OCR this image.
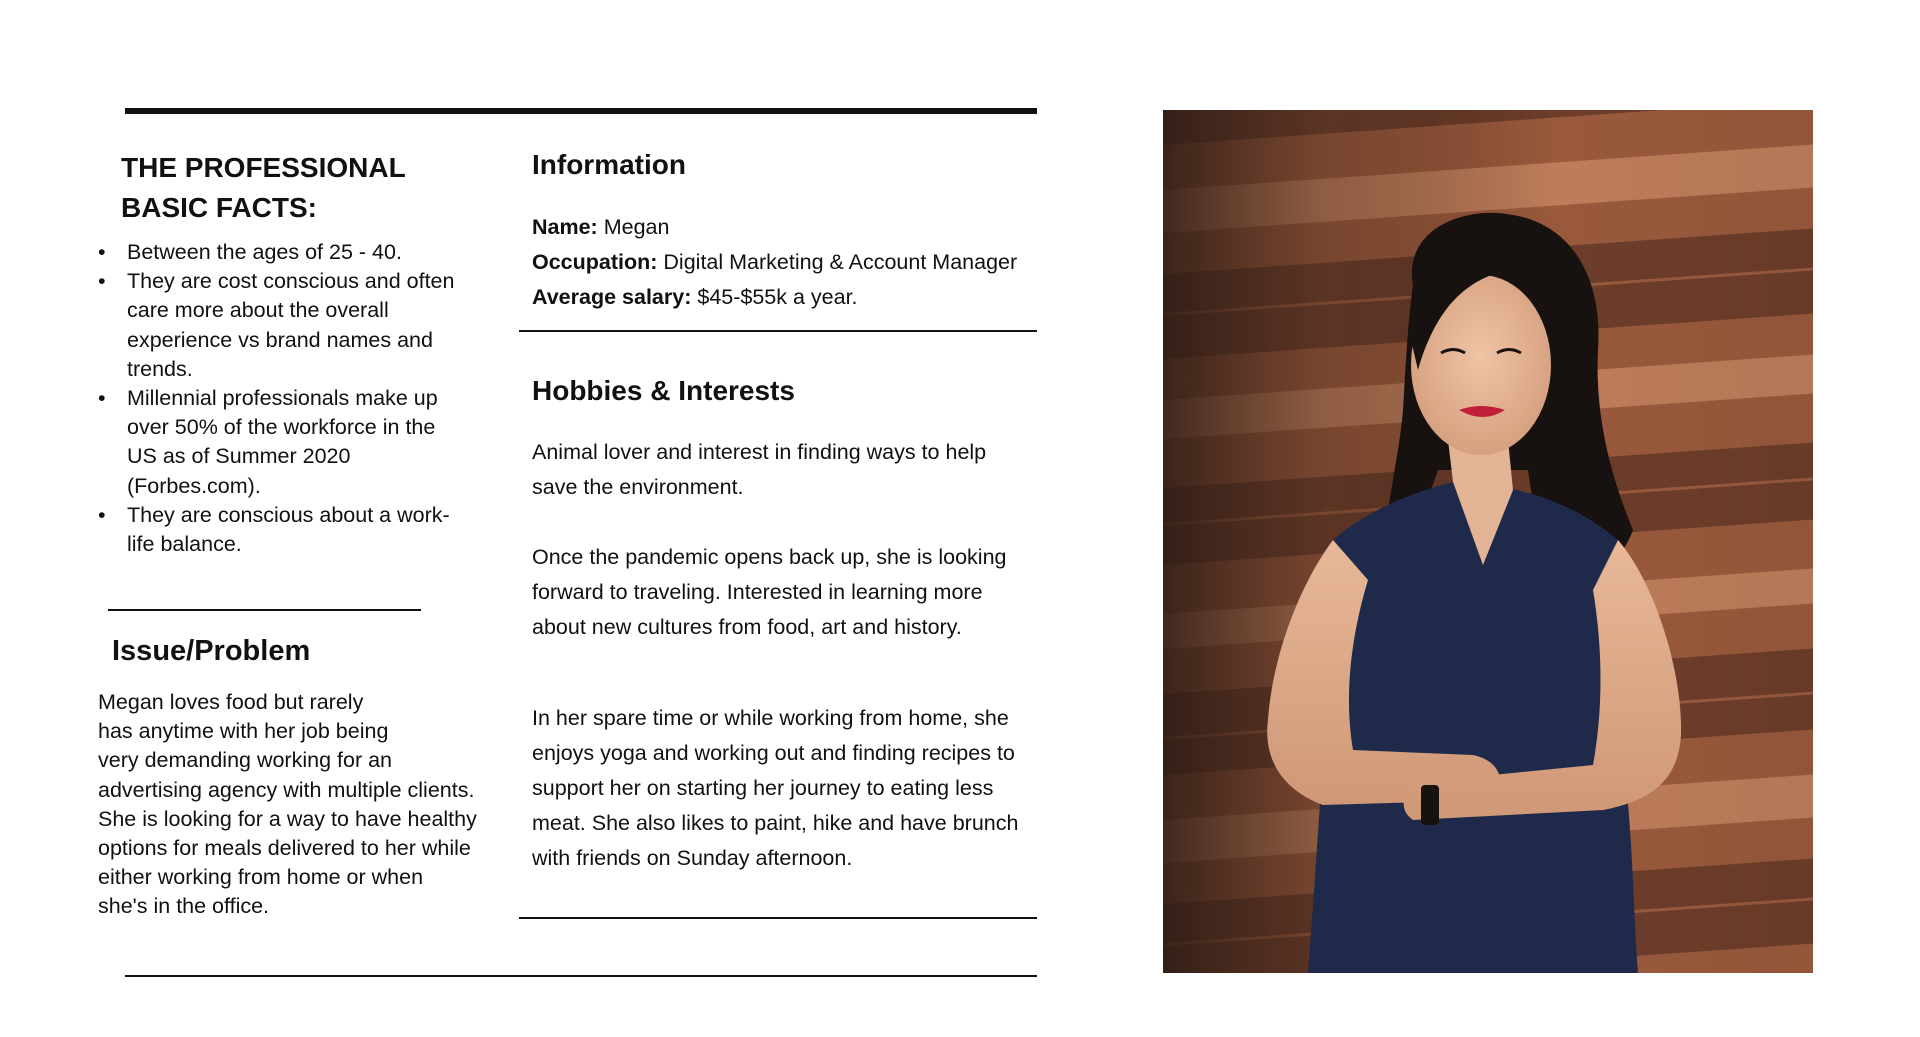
THE PROFESSIONAL
BASIC FACTS:
• Between the ages of 25 - 40.
• They are cost conscious and often
care more about the overall
experience vs brand names and
trends.
• Millennial professionals make up
over 50% of the workforce in the
US as of Summer 2020
(Forbes.com).
• They are conscious about a work-
life balance.
Issue/Problem

Megan loves food but rarely
has anytime with her job being
very demanding working for an
advertising agency with multiple clients.
She is looking for a way to have healthy
options for meals delivered to her while
either working from home or when
she's in the office.

Information
Name: Megan
Occupation: Digital Marketing & Account Manager
Average salary: $45-$55k a year.
Hobbies & Interests

Animal lover and interest in finding ways to help
save the environment.

Once the pandemic opens back up, she is looking
forward to traveling. Interested in learning more
about new cultures from food, art and history.

In her spare time or while working from home, she
enjoys yoga and working out and finding recipes to
support her on starting her journey to eating less
meat. She also likes to paint, hike and have brunch
with friends on Sunday afternoon.
